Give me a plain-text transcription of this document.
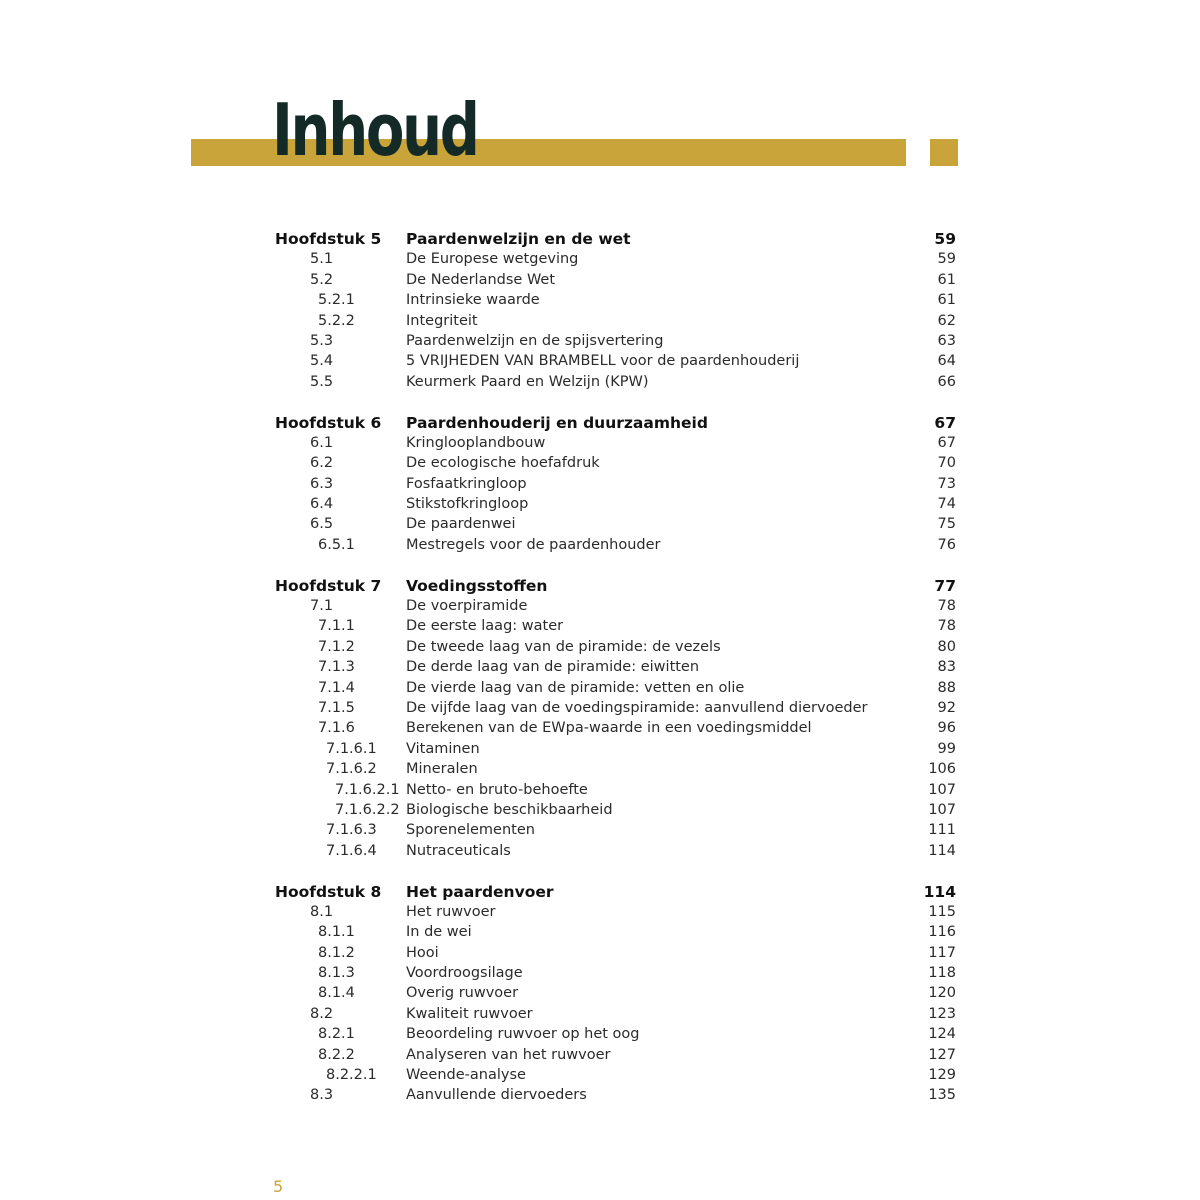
Inhoud
Hoofdstuk 5 Paardenwelzijn en de wet	59
5.1	De Europese wetgeving	59
5.2	De Nederlandse Wet	61
5.2.1	Intrinsieke waarde	61
5.2.2	Integriteit	62
5.3	Paardenwelzijn en de spijsvertering	63
5.4	5 VRIJHEDEN VAN BRAMBELL voor de paardenhouderij	64
5.5	Keurmerk Paard en Welzijn (KPW)	66
Hoofdstuk 6 Paardenhouderij en duurzaamheid	67
6.1	Kringlooplandbouw	67
6.2	De ecologische hoefafdruk	70
6.3	Fosfaatkringloop	73
6.4	Stikstofkringloop	74
6.5	De paardenwei	75
6.5.1	Mestregels voor de paardenhouder	76
Hoofdstuk 7 Voedingsstoffen	77
7.1	De voerpiramide	78
7.1.1	De eerste laag: water	78
7.1.2	De tweede laag van de piramide: de vezels	80
7.1.3	De derde laag van de piramide: eiwitten	83
7.1.4	De vierde laag van de piramide: vetten en olie	88
7.1.5	De vijfde laag van de voedingspiramide: aanvullend diervoeder	92
7.1.6	Berekenen van de EWpa-waarde in een voedingsmiddel	96
7.1.6.1 Vitaminen	99
7.1.6.2 Mineralen	106
7.1.6.2.1 Netto- en bruto-behoefte	107
7.1.6.2.2 Biologische beschikbaarheid	107
7.1.6.3 Sporenelementen	111
7.1.6.4 Nutraceuticals	114
Hoofdstuk 8 Het paardenvoer	114
8.1	Het ruwvoer	115
8.1.1	In de wei	116
8.1.2	Hooi	117
8.1.3	Voordroogsilage	118
8.1.4	Overig ruwvoer	120
8.2	Kwaliteit ruwvoer	123
8.2.1	Beoordeling ruwvoer op het oog	124
8.2.2	Analyseren van het ruwvoer	127
8.2.2.1 Weende-analyse	129
8.3	Aanvullende diervoeders	135
5
